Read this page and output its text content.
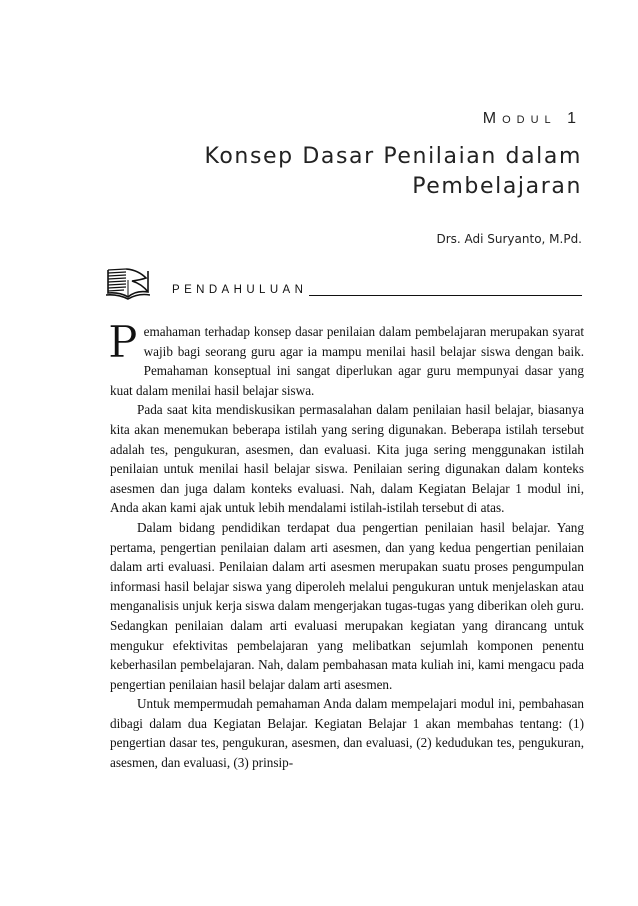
Modul 1
Konsep Dasar Penilaian dalam
Pembelajaran
Drs. Adi Suryanto, M.Pd.
PENDAHULUAN

Pemahaman terhadap konsep dasar penilaian dalam pembelajaran merupakan syarat wajib bagi seorang guru agar ia mampu menilai hasil belajar siswa dengan baik. Pemahaman konseptual ini sangat diperlukan agar guru mempunyai dasar yang kuat dalam menilai hasil belajar siswa.

Pada saat kita mendiskusikan permasalahan dalam penilaian hasil belajar, biasanya kita akan menemukan beberapa istilah yang sering digunakan. Beberapa istilah tersebut adalah tes, pengukuran, asesmen, dan evaluasi. Kita juga sering menggunakan istilah penilaian untuk menilai hasil belajar siswa. Penilaian sering digunakan dalam konteks asesmen dan juga dalam konteks evaluasi. Nah, dalam Kegiatan Belajar 1 modul ini, Anda akan kami ajak untuk lebih mendalami istilah-istilah tersebut di atas.

Dalam bidang pendidikan terdapat dua pengertian penilaian hasil belajar. Yang pertama, pengertian penilaian dalam arti asesmen, dan yang kedua pengertian penilaian dalam arti evaluasi. Penilaian dalam arti asesmen merupakan suatu proses pengumpulan informasi hasil belajar siswa yang diperoleh melalui pengukuran untuk menjelaskan atau menganalisis unjuk kerja siswa dalam mengerjakan tugas-tugas yang diberikan oleh guru. Sedangkan penilaian dalam arti evaluasi merupakan kegiatan yang dirancang untuk mengukur efektivitas pembelajaran yang melibatkan sejumlah komponen penentu keberhasilan pembelajaran. Nah, dalam pembahasan mata kuliah ini, kami mengacu pada pengertian penilaian hasil belajar dalam arti asesmen.

Untuk mempermudah pemahaman Anda dalam mempelajari modul ini, pembahasan dibagi dalam dua Kegiatan Belajar. Kegiatan Belajar 1 akan membahas tentang: (1) pengertian dasar tes, pengukuran, asesmen, dan evaluasi, (2) kedudukan tes, pengukuran, asesmen, dan evaluasi, (3) prinsip-
